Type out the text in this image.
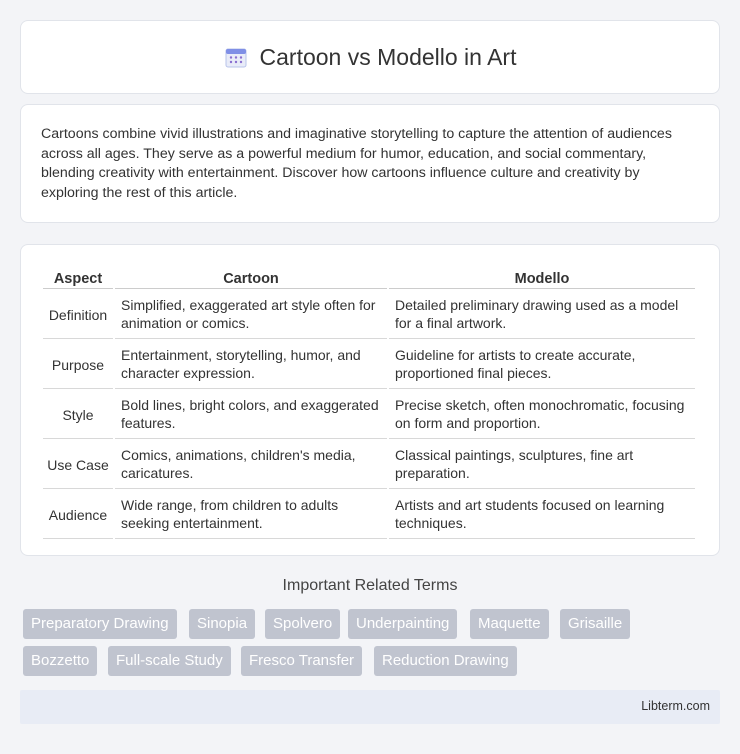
Cartoon vs Modello in Art

Cartoons combine vivid illustrations and imaginative storytelling to capture the attention of audiences across all ages. They serve as a powerful medium for humor, education, and social commentary, blending creativity with entertainment. Discover how cartoons influence culture and creativity by exploring the rest of this article.

Aspect	Cartoon	Modello
Definition	Simplified, exaggerated art style often for animation or comics.	Detailed preliminary drawing used as a model for a final artwork.
Purpose	Entertainment, storytelling, humor, and character expression.	Guideline for artists to create accurate, proportioned final pieces.
Style	Bold lines, bright colors, and exaggerated features.	Precise sketch, often monochromatic, focusing on form and proportion.
Use Case	Comics, animations, children's media, caricatures.	Classical paintings, sculptures, fine art preparation.
Audience	Wide range, from children to adults seeking entertainment.	Artists and art students focused on learning techniques.
Important Related Terms
Preparatory Drawing	Sinopia	Spolvero	Underpainting	Maquette	Grisaille
Bozzetto	Full-scale Study	Fresco Transfer	Reduction Drawing
Libterm.com
